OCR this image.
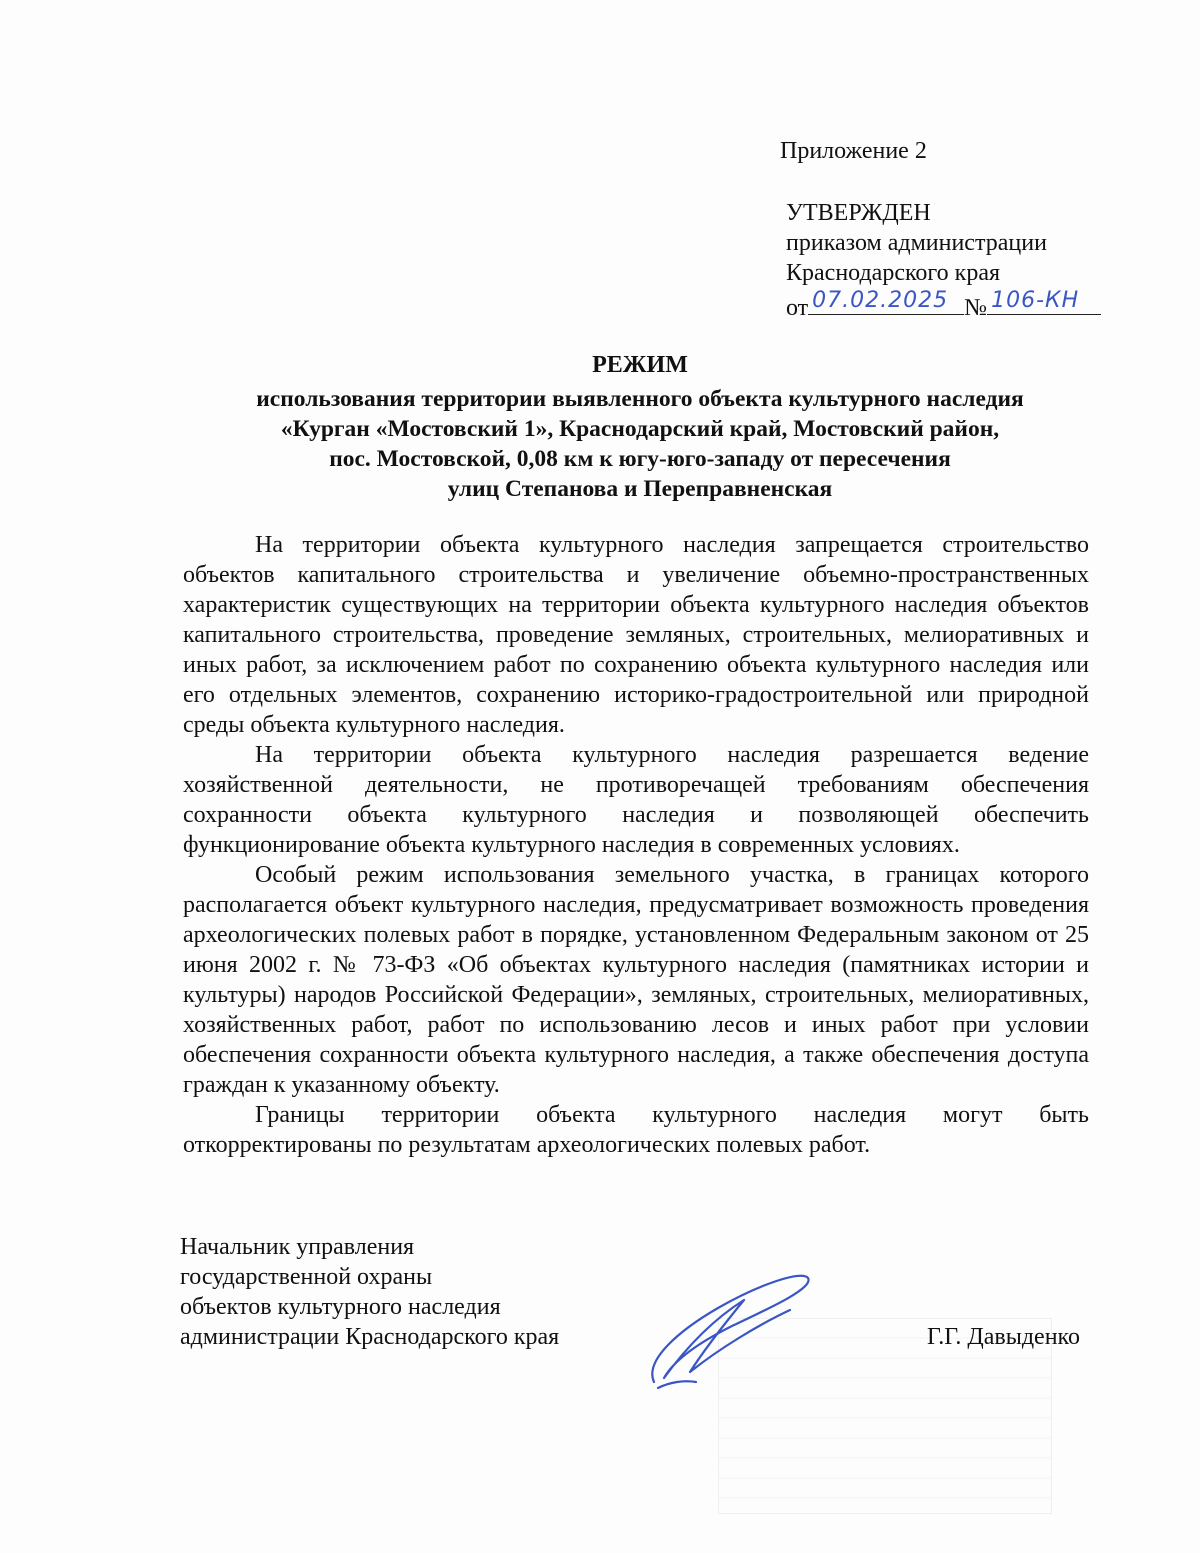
Приложение 2

УТВЕРЖДЕН
приказом администрации
Краснодарского края
от 07.02.2025 № 106-КН
РЕЖИМ
использования территории выявленного объекта культурного наследия
«Курган «Мостовский 1», Краснодарский край, Мостовский район,
пос. Мостовской, 0,08 км к югу-юго-западу от пересечения
улиц Степанова и Переправненская

На территории объекта культурного наследия запрещается строительство объектов капитального строительства и увеличение объемно-пространственных характеристик существующих на территории объекта культурного наследия объектов капитального строительства, проведение земляных, строительных, мелиоративных и иных работ, за исключением работ по сохранению объекта культурного наследия или его отдельных элементов, сохранению историко-градостроительной или природной среды объекта культурного наследия.

На территории объекта культурного наследия разрешается ведение хозяйственной деятельности, не противоречащей требованиям обеспечения сохранности объекта культурного наследия и позволяющей обеспечить функционирование объекта культурного наследия в современных условиях.

Особый режим использования земельного участка, в границах которого располагается объект культурного наследия, предусматривает возможность проведения археологических полевых работ в порядке, установленном Федеральным законом от 25 июня 2002 г. № 73-ФЗ «Об объектах культурного наследия (памятниках истории и культуры) народов Российской Федерации», земляных, строительных, мелиоративных, хозяйственных работ, работ по использованию лесов и иных работ при условии обеспечения сохранности объекта культурного наследия, а также обеспечения доступа граждан к указанному объекту.

Границы территории объекта культурного наследия могут быть откорректированы по результатам археологических полевых работ.

Начальник управления
государственной охраны
объектов культурного наследия
администрации Краснодарского края	Г.Г. Давыденко
